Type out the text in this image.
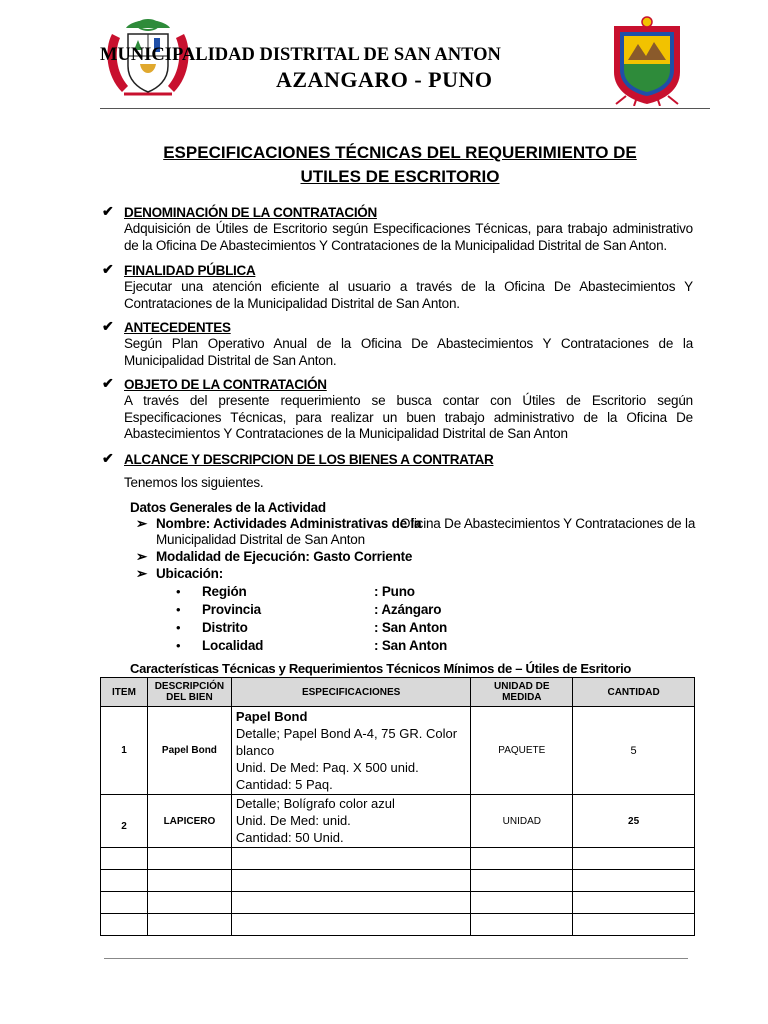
MUNICIPALIDAD DISTRITAL DE SAN ANTON
AZANGARO - PUNO
ESPECIFICACIONES TÉCNICAS DEL REQUERIMIENTO DE
UTILES DE ESCRITORIO
✔ DENOMINACIÓN DE LA CONTRATACIÓN
Adquisición de Útiles de Escritorio según Especificaciones Técnicas, para trabajo administrativo de la Oficina De Abastecimientos Y Contrataciones de la Municipalidad Distrital de San Anton.
✔ FINALIDAD PÚBLICA
Ejecutar una atención eficiente al usuario a través de la Oficina De Abastecimientos Y Contrataciones de la Municipalidad Distrital de San Anton.
✔ ANTECEDENTES
Según Plan Operativo Anual de la Oficina De Abastecimientos Y Contrataciones de la Municipalidad Distrital de San Anton.
✔ OBJETO DE LA CONTRATACIÓN
A través del presente requerimiento se busca contar con Útiles de Escritorio según Especificaciones Técnicas, para realizar un buen trabajo administrativo de la Oficina De Abastecimientos Y Contrataciones de la Municipalidad Distrital de San Anton
✔ ALCANCE Y DESCRIPCION DE LOS BIENES A CONTRATAR
Tenemos los siguientes.
Datos Generales de la Actividad
➢ Nombre: Actividades Administrativas de la
Oficina De Abastecimientos Y Contrataciones de la
Municipalidad Distrital de San Anton
➢ Modalidad de Ejecución: Gasto Corriente
➢ Ubicación:
• Región	: Puno
• Provincia	: Azángaro
• Distrito	: San Anton
• Localidad	: San Anton
Características Técnicas y Requerimientos Técnicos Mínimos de – Útiles de Esritorio
ITEM	DESCRIPCIÓN DEL BIEN	ESPECIFICACIONES	UNIDAD DE MEDIDA	CANTIDAD
1	Papel Bond	Papel Bond
Detalle; Papel Bond A-4, 75 GR. Color blanco
Unid. De Med: Paq. X 500 unid.
Cantidad: 5 Paq.	PAQUETE	5
2	LAPICERO	Detalle; Bolígrafo color azul
Unid. De Med: unid.
Cantidad: 50 Unid.	UNIDAD	25
